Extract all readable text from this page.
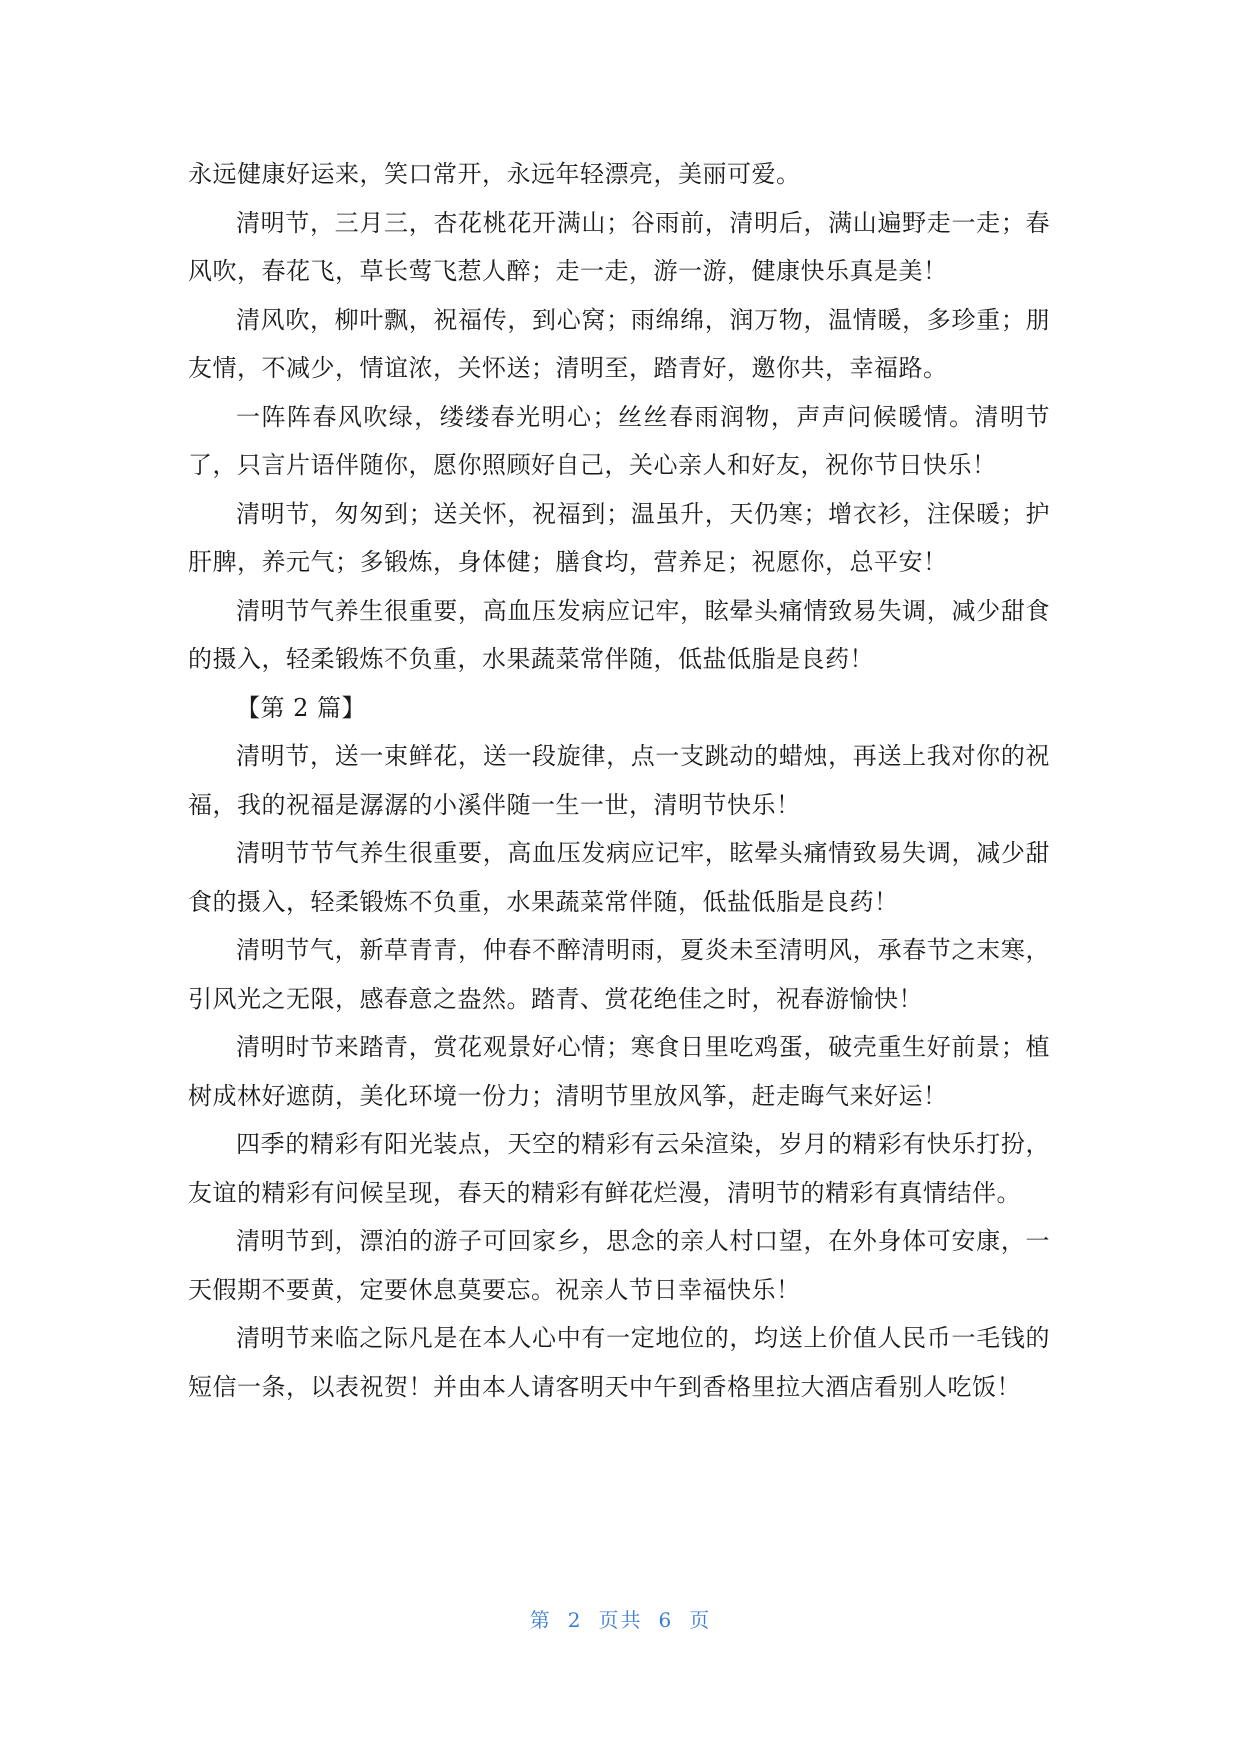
永远健康好运来，笑口常开，永远年轻漂亮，美丽可爱。

清明节，三月三，杏花桃花开满山；谷雨前，清明后，满山遍野走一走；春风吹，春花飞，草长莺飞惹人醉；走一走，游一游，健康快乐真是美！

清风吹，柳叶飘，祝福传，到心窝；雨绵绵，润万物，温情暖，多珍重；朋友情，不减少，情谊浓，关怀送；清明至，踏青好，邀你共，幸福路。

一阵阵春风吹绿，缕缕春光明心；丝丝春雨润物，声声问候暖情。清明节了，只言片语伴随你，愿你照顾好自己，关心亲人和好友，祝你节日快乐！

清明节，匆匆到；送关怀，祝福到；温虽升，天仍寒；增衣衫，注保暖；护肝脾，养元气；多锻炼，身体健；膳食均，营养足；祝愿你，总平安！

清明节气养生很重要，高血压发病应记牢，眩晕头痛情致易失调，减少甜食的摄入，轻柔锻炼不负重，水果蔬菜常伴随，低盐低脂是良药！

【第 2 篇】

清明节，送一束鲜花，送一段旋律，点一支跳动的蜡烛，再送上我对你的祝福，我的祝福是潺潺的小溪伴随一生一世，清明节快乐！

清明节节气养生很重要，高血压发病应记牢，眩晕头痛情致易失调，减少甜食的摄入，轻柔锻炼不负重，水果蔬菜常伴随，低盐低脂是良药！

清明节气，新草青青，仲春不醉清明雨，夏炎未至清明风，承春节之末寒，引风光之无限，感春意之盎然。踏青、赏花绝佳之时，祝春游愉快！

清明时节来踏青，赏花观景好心情；寒食日里吃鸡蛋，破壳重生好前景；植树成林好遮荫，美化环境一份力；清明节里放风筝，赶走晦气来好运！

四季的精彩有阳光装点，天空的精彩有云朵渲染，岁月的精彩有快乐打扮，友谊的精彩有问候呈现，春天的精彩有鲜花烂漫，清明节的精彩有真情结伴。

清明节到，漂泊的游子可回家乡，思念的亲人村口望，在外身体可安康，一天假期不要黄，定要休息莫要忘。祝亲人节日幸福快乐！

清明节来临之际凡是在本人心中有一定地位的，均送上价值人民币一毛钱的短信一条，以表祝贺！并由本人请客明天中午到香格里拉大酒店看别人吃饭！

第 2 页共 6 页
